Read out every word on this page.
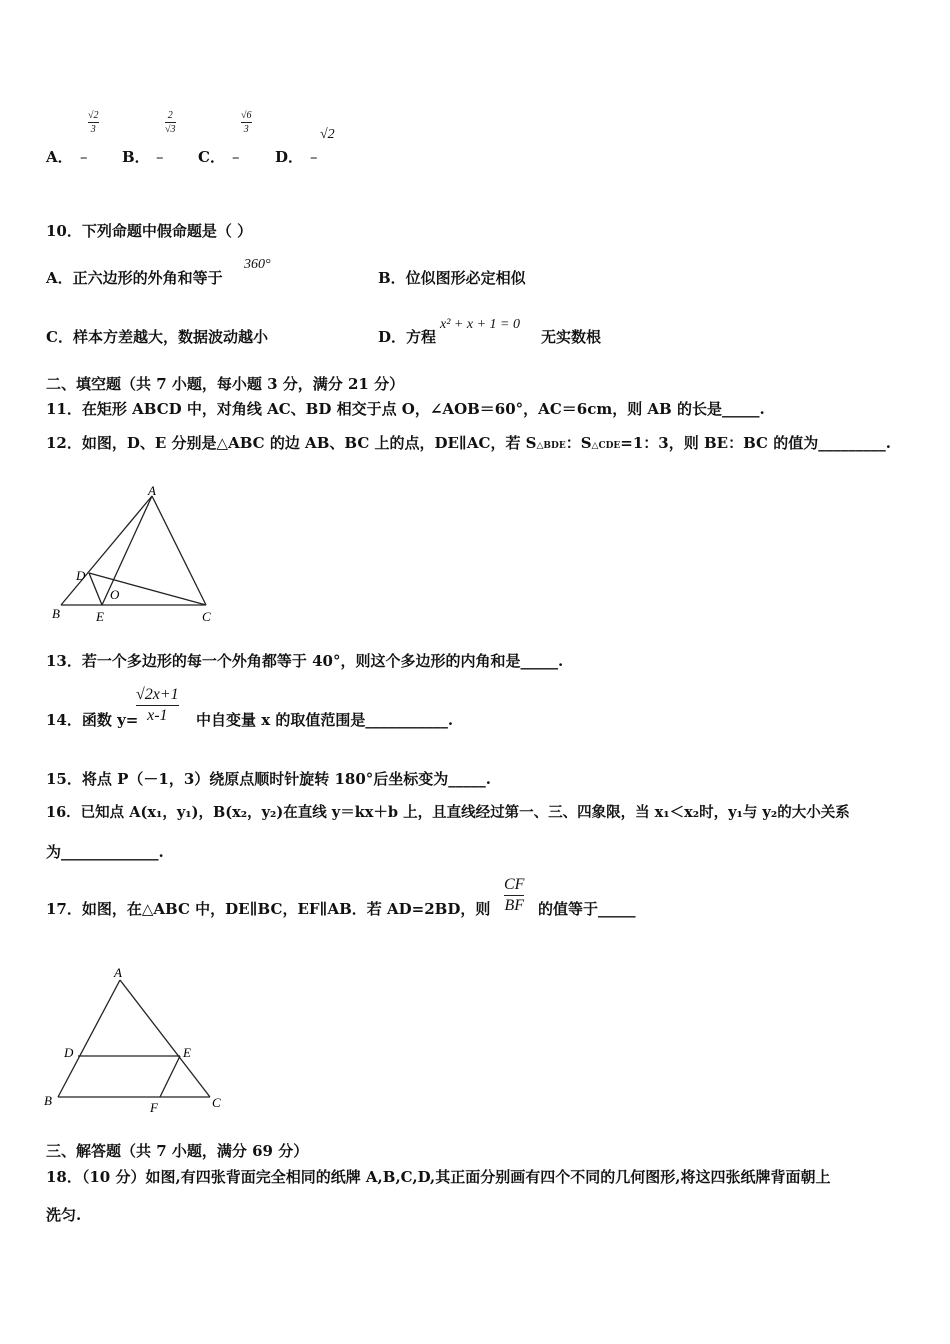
A．
√2
3
– B．
2
√3
– C．
√6
3
– D． –
√2
10．下列命题中假命题是（ ）
A．正六边形的外角和等于
360°
B．位似图形必定相似
C．样本方差越大，数据波动越小	D．方程
x² + x + 1 = 0
无实数根
二、填空题（共 7 小题，每小题 3 分，满分 21 分）
11．在矩形 ABCD 中，对角线 AC、BD 相交于点 O，∠AOB＝60°，AC＝6cm，则 AB 的长是_____.
12．如图，D、E 分别是△ABC 的边 AB、BC 上的点，DE∥AC，若 S△BDE：S△CDE=1：3，则 BE：BC 的值为_________.
A
B	C
D
E
O
13．若一个多边形的每一个外角都等于 40°，则这个多边形的内角和是_____.
14．函数 y=
√2x+1
x-1 中自变量 x 的取值范围是___________.
15．将点 P（－1，3）绕原点顺时针旋转 180°后坐标变为_____.
16．已知点 A(x₁，y₁)，B(x₂，y₂)在直线 y＝kx＋b 上，且直线经过第一、三、四象限，当 x₁＜x₂时，y₁与 y₂的大小关系
为_____________.
17．如图，在△ABC 中，DE∥BC，EF∥AB．若 AD=2BD，则
CF
BF 的值等于_____
A
B	C
D	E
F
三、解答题（共 7 小题，满分 69 分）
18．（10 分）如图,有四张背面完全相同的纸牌 A,B,C,D,其正面分别画有四个不同的几何图形,将这四张纸牌背面朝上
洗匀.
